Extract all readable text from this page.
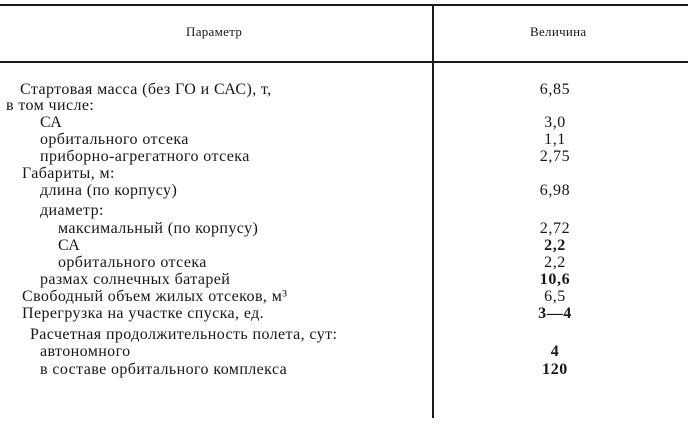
Параметр	Величина
Стартовая масса (без ГО и САС), т,	6,85
в том числе:
СА	3,0
орбитального отсека	1,1
приборно-агрегатного отсека	2,75
Габариты, м:
длина (по корпусу)	6,98
диаметр:
максимальный (по корпусу)	2,72
СА	2,2
орбитального отсека	2,2
размах солнечных батарей	10,6
Свободный объем жилых отсеков, м³	6,5
Перегрузка на участке спуска, ед.	3—4
Расчетная продолжительность полета, сут:
автономного	4
в составе орбитального комплекса	120
